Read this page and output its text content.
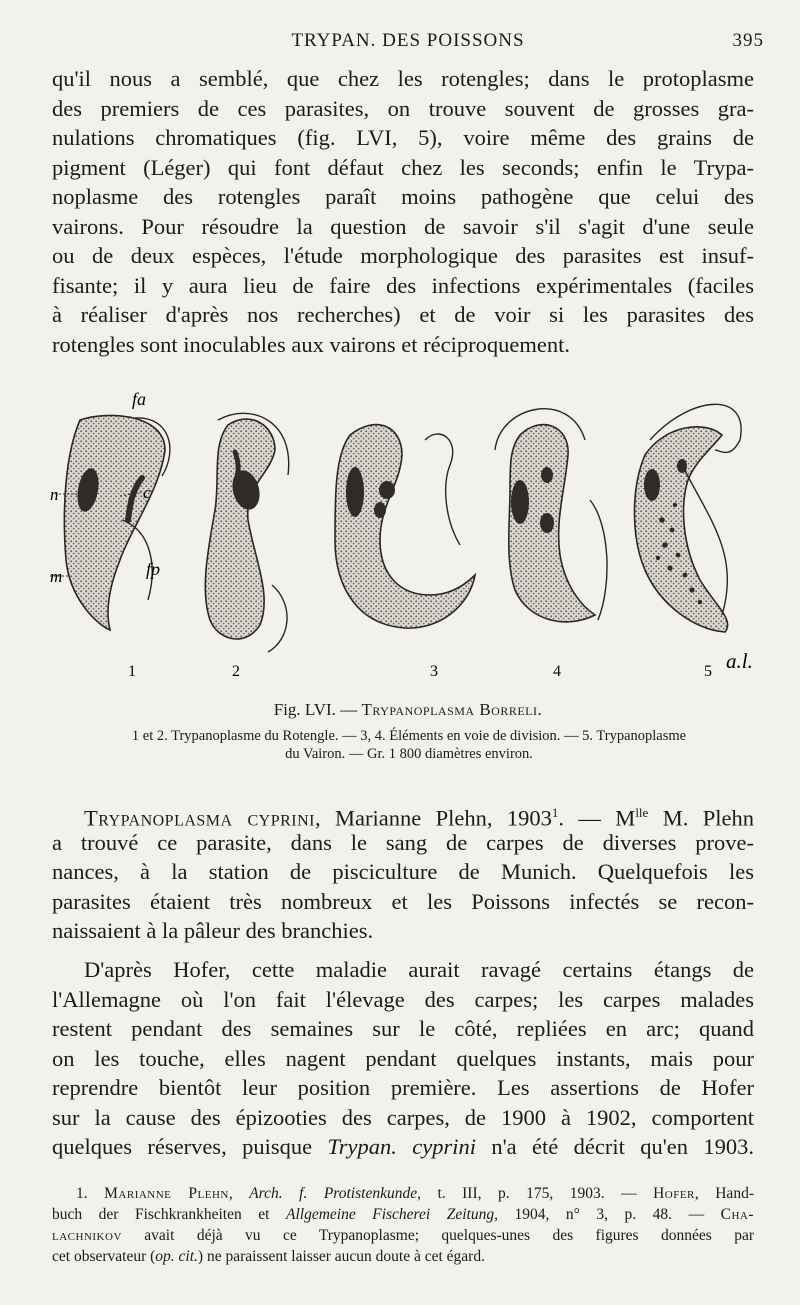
TRYPAN. DES POISSONS	395
qu'il nous a semblé, que chez les rotengles; dans le protoplasme
des premiers de ces parasites, on trouve souvent de grosses gra-
nulations chromatiques (fig. LVI, 5), voire même des grains de
pigment (Léger) qui font défaut chez les seconds; enfin le Trypa-
noplasme des rotengles paraît moins pathogène que celui des
vairons. Pour résoudre la question de savoir s'il s'agit d'une seule
ou de deux espèces, l'étude morphologique des parasites est insuf-
fisante; il y aura lieu de faire des infections expérimentales (faciles
à réaliser d'après nos recherches) et de voir si les parasites des
rotengles sont inoculables aux vairons et réciproquement.
fa
n	c
m	fp
a.l.
1	2	3	4	5
Fig. LVI. — Trypanoplasma Borreli.
1 et 2. Trypanoplasme du Rotengle. — 3, 4. Éléments en voie de division. — 5. Trypanoplasme
du Vairon. — Gr. 1 800 diamètres environ.
Trypanoplasma cyprini, Marianne Plehn, 1903$^1$. — $M^{lle}$ M. Plehn
a trouvé ce parasite, dans le sang de carpes de diverses prove-
nances, à la station de pisciculture de Munich. Quelquefois les
parasites étaient très nombreux et les Poissons infectés se recon-
naissaient à la pâleur des branchies.
D'après Hofer, cette maladie aurait ravagé certains étangs de
l'Allemagne où l'on fait l'élevage des carpes; les carpes malades
restent pendant des semaines sur le côté, repliées en arc; quand
on les touche, elles nagent pendant quelques instants, mais pour
reprendre bientôt leur position première. Les assertions de Hofer
sur la cause des épizooties des carpes, de 1900 à 1902, comportent
quelques réserves, puisque Trypan. cyprini n'a été décrit qu'en 1903.
1. Marianne Plehn, Arch. f. Protistenkunde, t. III, p. 175, 1903. — Hofer, Hand-
buch der Fischkrankheiten et Allgemeine Fischerei Zeitung, 1904, n° 3, p. 48. — Cha-
lachnikov avait déjà vu ce Trypanoplasme; quelques-unes des figures données par
cet observateur (op. cit.) ne paraissent laisser aucun doute à cet égard.
